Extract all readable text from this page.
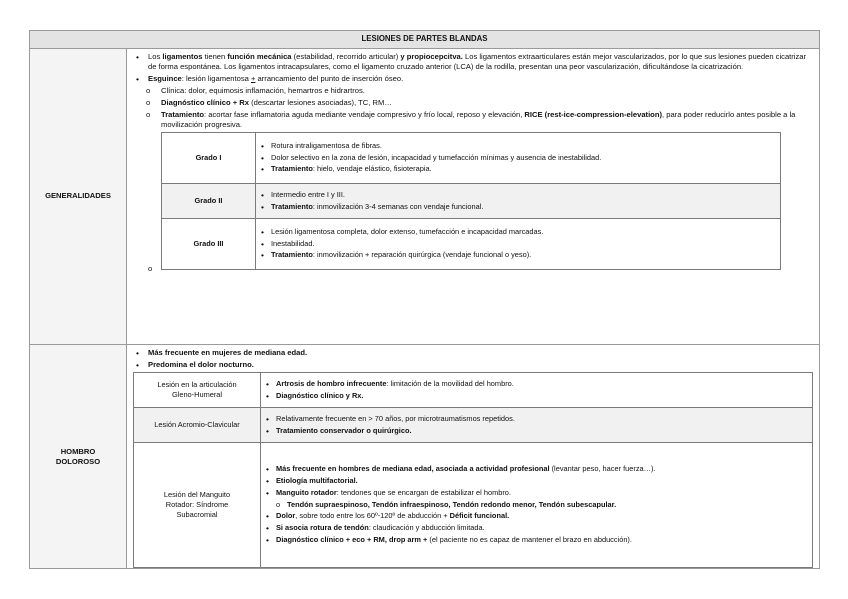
LESIONES DE PARTES BLANDAS
GENERALIDADES	
• Los ligamentos tienen función mecánica (estabilidad, recorrido articular) y propiocepcitva. Los ligamentos extraarticulares están mejor vascularizados, por lo que sus lesiones pueden cicatrizar de forma espontánea. Los ligamentos intracapsulares, como el ligamento cruzado anterior (LCA) de la rodilla, presentan una peor vascularización, dificultándose la cicatrización.
• Esguince: lesión ligamentosa + arrancamiento del punto de inserción óseo.
o Clínica: dolor, equimosis inflamación, hemartros e hidrartros.
o Diagnóstico clínico + Rx (descartar lesiones asociadas), TC, RM…
o Tratamiento: acortar fase inflamatoria aguda mediante vendaje compresivo y frío local, reposo y elevación, RICE (rest-ice-compression-elevation), para poder reducirlo antes posible a la movilización progresiva.
o
Grado I	
• Rotura intraligamentosa de fibras.
• Dolor selectivo en la zona de lesión, incapacidad y tumefacción mínimas y ausencia de inestabilidad.
• Tratamiento: hielo, vendaje elástico, fisioterapia.

Grado II	
• Intermedio entre I y III.
• Tratamiento: inmovilización 3-4 semanas con vendaje funcional.

Grado III	
• Lesión ligamentosa completa, dolor extenso, tumefacción e incapacidad marcadas.
• Inestabilidad.
• Tratamiento: inmovilización + reparación quirúrgica (vendaje funcional o yeso).

HOMBRO
DOLOROSO

• Más frecuente en mujeres de mediana edad.
• Predomina el dolor nocturno.
Lesión en la articulación
Gleno-Humeral

• Artrosis de hombro infrecuente: limitación de la movilidad del hombro.
• Diagnóstico clínico y Rx.

Lesión Acromio-Clavicular	
• Relativamente frecuente en > 70 años, por microtraumatismos repetidos.
• Tratamiento conservador o quirúrgico.

Lesión del Manguito
Rotador: Síndrome
Subacromial

• Más frecuente en hombres de mediana edad, asociada a actividad profesional (levantar peso, hacer fuerza…).
• Etiología multifactorial.
• Manguito rotador: tendones que se encargan de estabilizar el hombro.
o Tendón supraespinoso, Tendón infraespinoso, Tendón redondo menor, Tendón subescapular.
• Dolor, sobre todo entre los 60º-120º de abducción + Déficit funcional.
• Si asocia rotura de tendón: claudicación y abducción limitada.
• Diagnóstico clínico + eco + RM, drop arm + (el paciente no es capaz de mantener el brazo en abducción).
